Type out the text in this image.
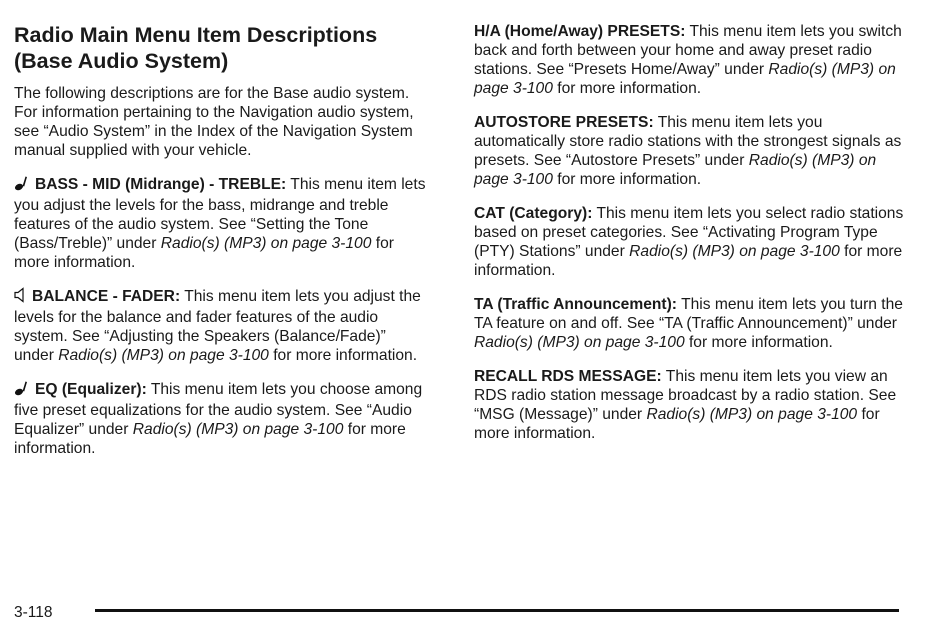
Radio Main Menu Item Descriptions (Base Audio System)

The following descriptions are for the Base audio system. For information pertaining to the Navigation audio system, see “Audio System” in the Index of the Navigation System manual supplied with your vehicle.

BASS - MID (Midrange) - TREBLE: This menu item lets you adjust the levels for the bass, midrange and treble features of the audio system. See “Setting the Tone (Bass/Treble)” under Radio(s) (MP3) on page 3-100 for more information.

BALANCE - FADER: This menu item lets you adjust the levels for the balance and fader features of the audio system. See “Adjusting the Speakers (Balance/Fade)” under Radio(s) (MP3) on page 3-100 for more information.

EQ (Equalizer): This menu item lets you choose among five preset equalizations for the audio system. See “Audio Equalizer” under Radio(s) (MP3) on page 3-100 for more information.

H/A (Home/Away) PRESETS: This menu item lets you switch back and forth between your home and away preset radio stations. See “Presets Home/Away” under Radio(s) (MP3) on page 3-100 for more information.

AUTOSTORE PRESETS: This menu item lets you automatically store radio stations with the strongest signals as presets. See “Autostore Presets” under Radio(s) (MP3) on page 3-100 for more information.

CAT (Category): This menu item lets you select radio stations based on preset categories. See “Activating Program Type (PTY) Stations” under Radio(s) (MP3) on page 3-100 for more information.

TA (Traffic Announcement): This menu item lets you turn the TA feature on and off. See “TA (Traffic Announcement)” under Radio(s) (MP3) on page 3-100 for more information.

RECALL RDS MESSAGE: This menu item lets you view an RDS radio station message broadcast by a radio station. See “MSG (Message)” under Radio(s) (MP3) on page 3-100 for more information.

3-118
